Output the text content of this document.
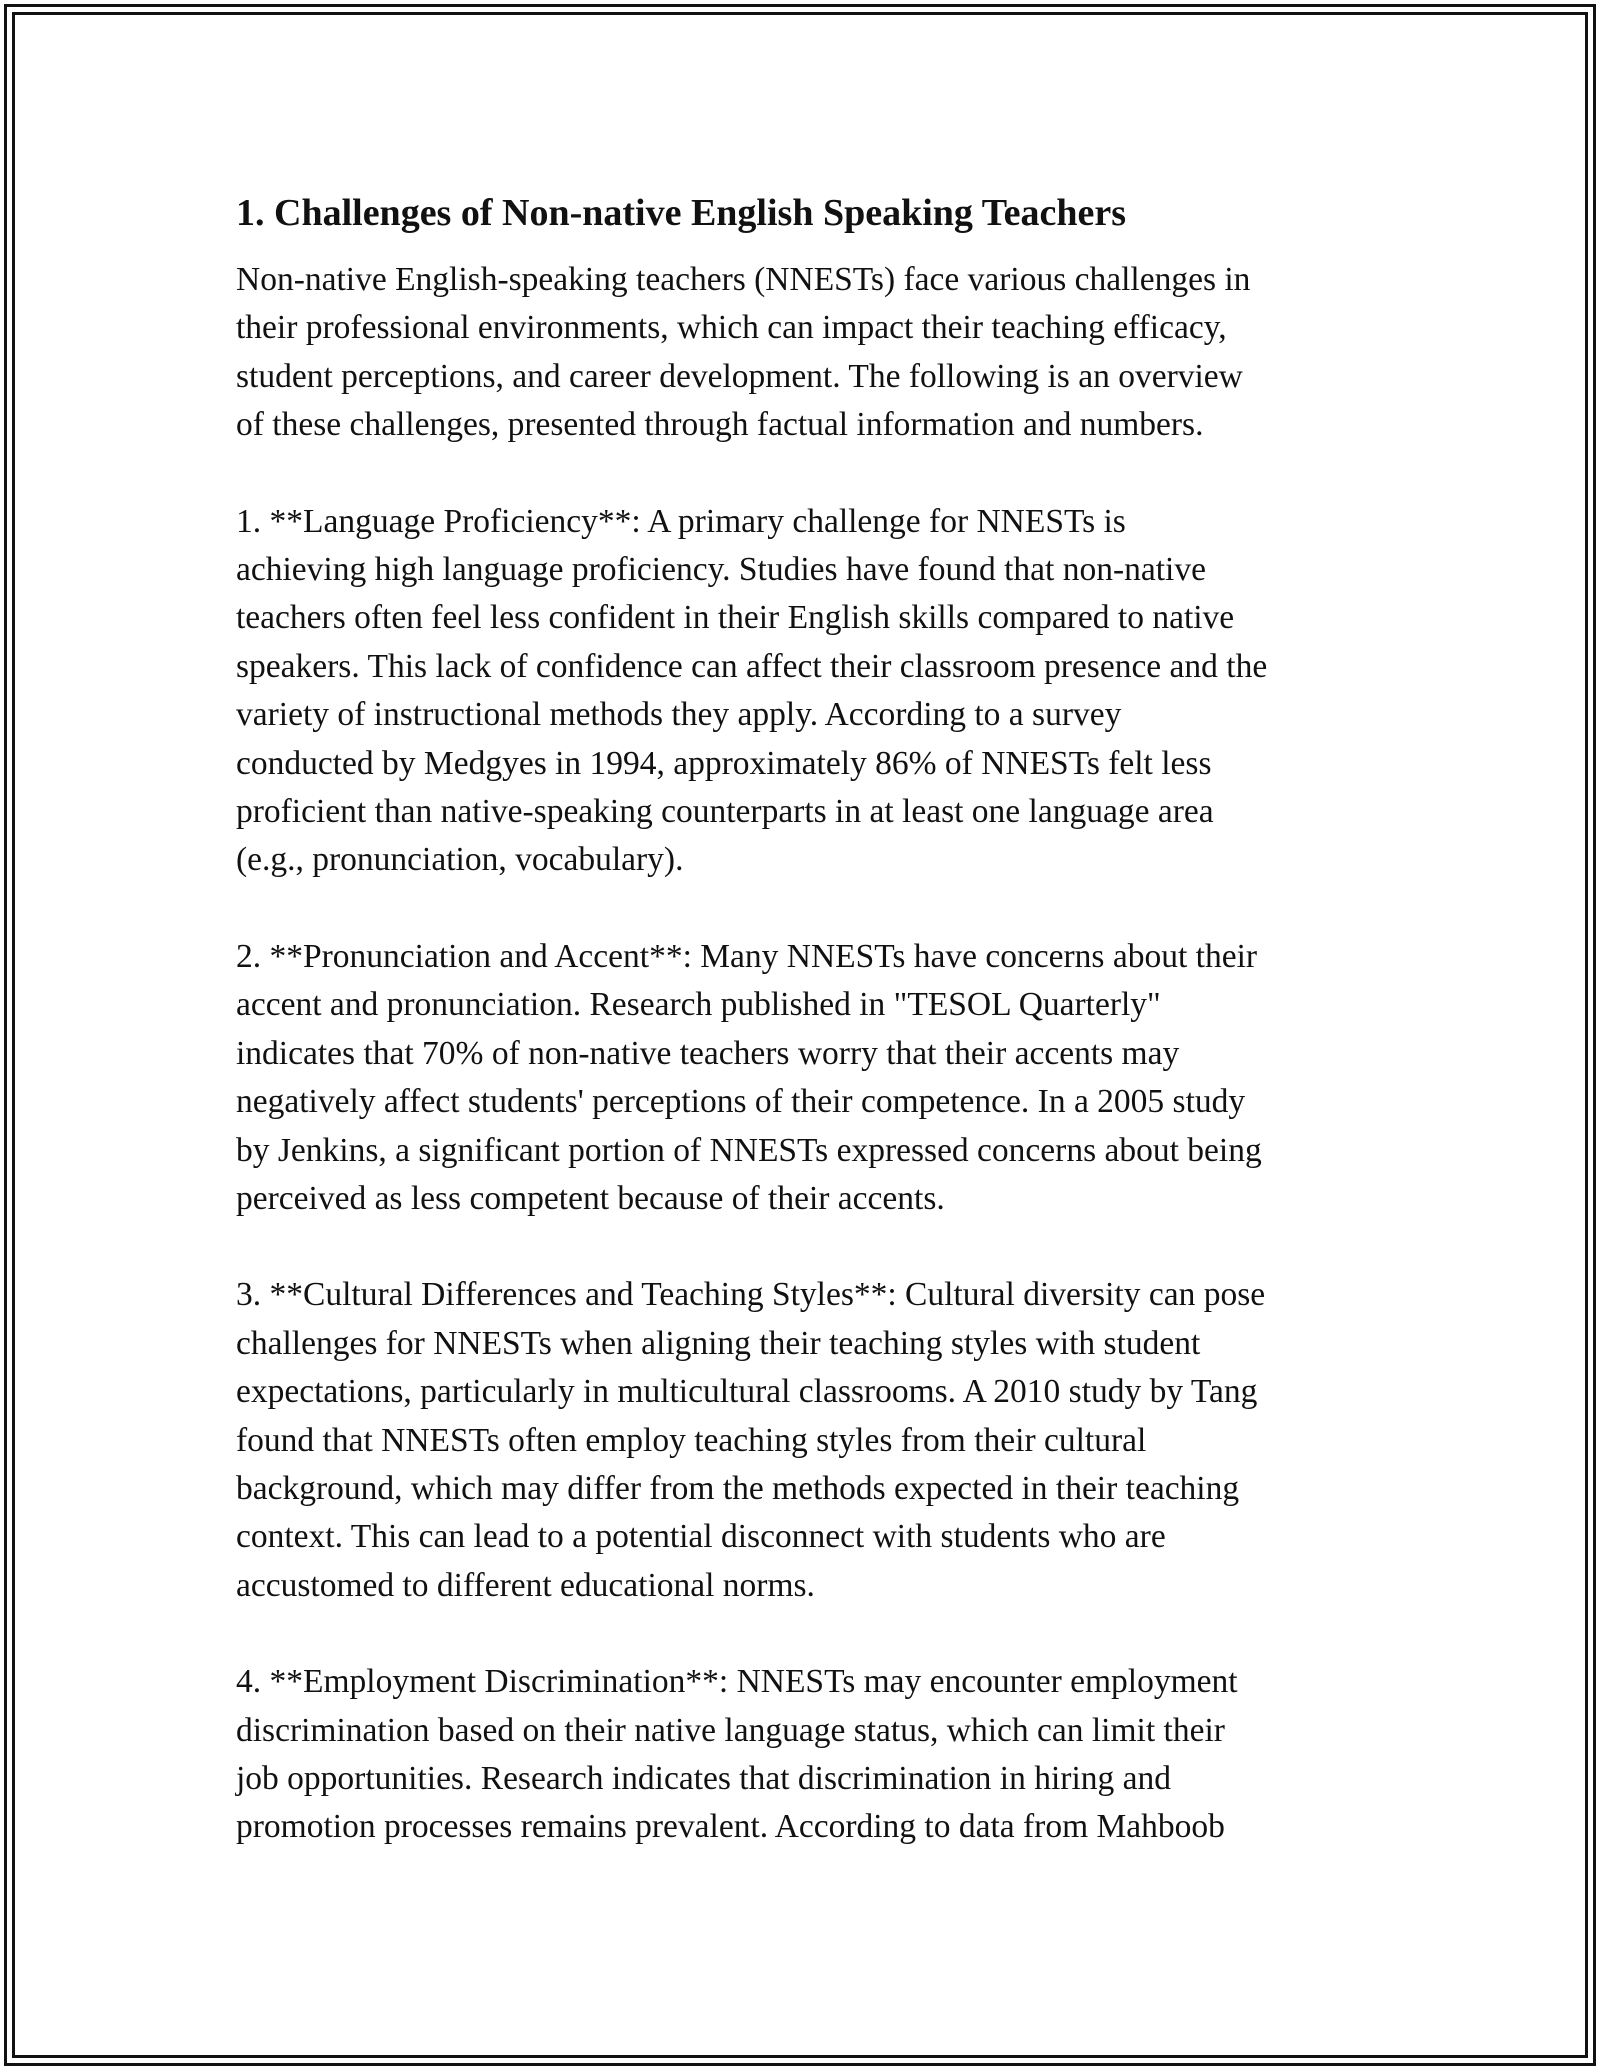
1. Challenges of Non-native English Speaking Teachers

Non-native English-speaking teachers (NNESTs) face various challenges in
their professional environments, which can impact their teaching efficacy,
student perceptions, and career development. The following is an overview
of these challenges, presented through factual information and numbers.

1. **Language Proficiency**: A primary challenge for NNESTs is
achieving high language proficiency. Studies have found that non-native
teachers often feel less confident in their English skills compared to native
speakers. This lack of confidence can affect their classroom presence and the
variety of instructional methods they apply. According to a survey
conducted by Medgyes in 1994, approximately 86% of NNESTs felt less
proficient than native-speaking counterparts in at least one language area
(e.g., pronunciation, vocabulary).

2. **Pronunciation and Accent**: Many NNESTs have concerns about their
accent and pronunciation. Research published in "TESOL Quarterly"
indicates that 70% of non-native teachers worry that their accents may
negatively affect students' perceptions of their competence. In a 2005 study
by Jenkins, a significant portion of NNESTs expressed concerns about being
perceived as less competent because of their accents.

3. **Cultural Differences and Teaching Styles**: Cultural diversity can pose
challenges for NNESTs when aligning their teaching styles with student
expectations, particularly in multicultural classrooms. A 2010 study by Tang
found that NNESTs often employ teaching styles from their cultural
background, which may differ from the methods expected in their teaching
context. This can lead to a potential disconnect with students who are
accustomed to different educational norms.

4. **Employment Discrimination**: NNESTs may encounter employment
discrimination based on their native language status, which can limit their
job opportunities. Research indicates that discrimination in hiring and
promotion processes remains prevalent. According to data from Mahboob
